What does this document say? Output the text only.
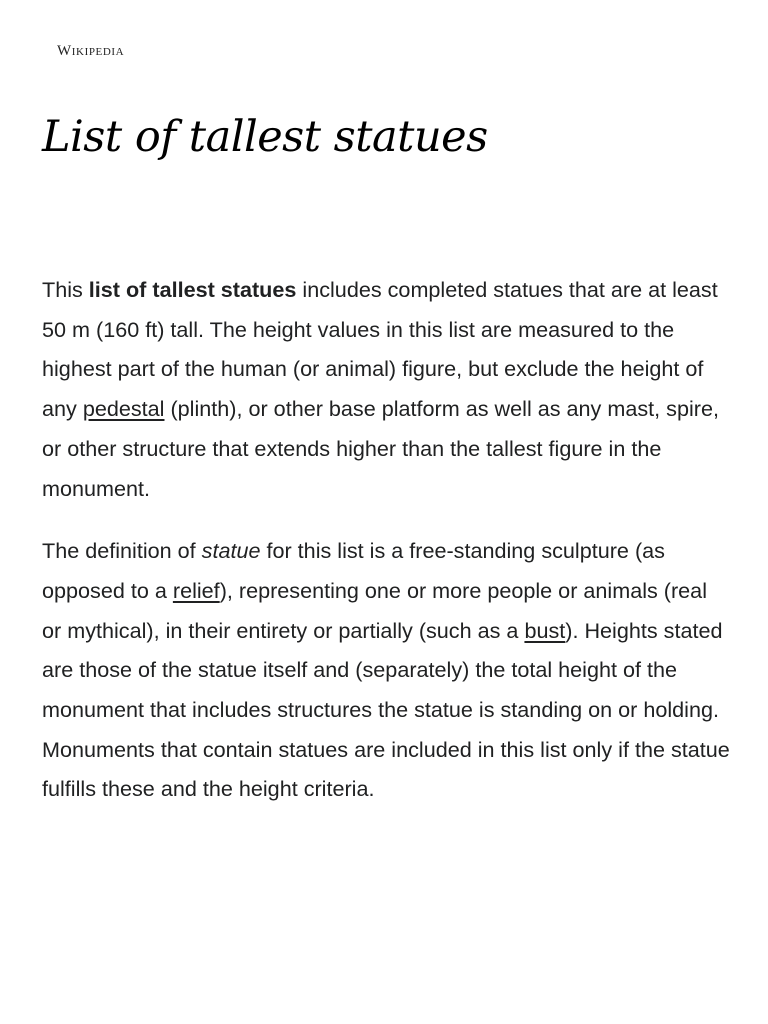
Wikipedia
List of tallest statues

This list of tallest statues includes completed statues that are at least 50 m (160 ft) tall. The height values in this list are measured to the highest part of the human (or animal) figure, but exclude the height of any pedestal (plinth), or other base platform as well as any mast, spire, or other structure that extends higher than the tallest figure in the monument.

The definition of statue for this list is a free-standing sculpture (as opposed to a relief), representing one or more people or animals (real or mythical), in their entirety or partially (such as a bust). Heights stated are those of the statue itself and (separately) the total height of the monument that includes structures the statue is standing on or holding. Monuments that contain statues are included in this list only if the statue fulfills these and the height criteria.
